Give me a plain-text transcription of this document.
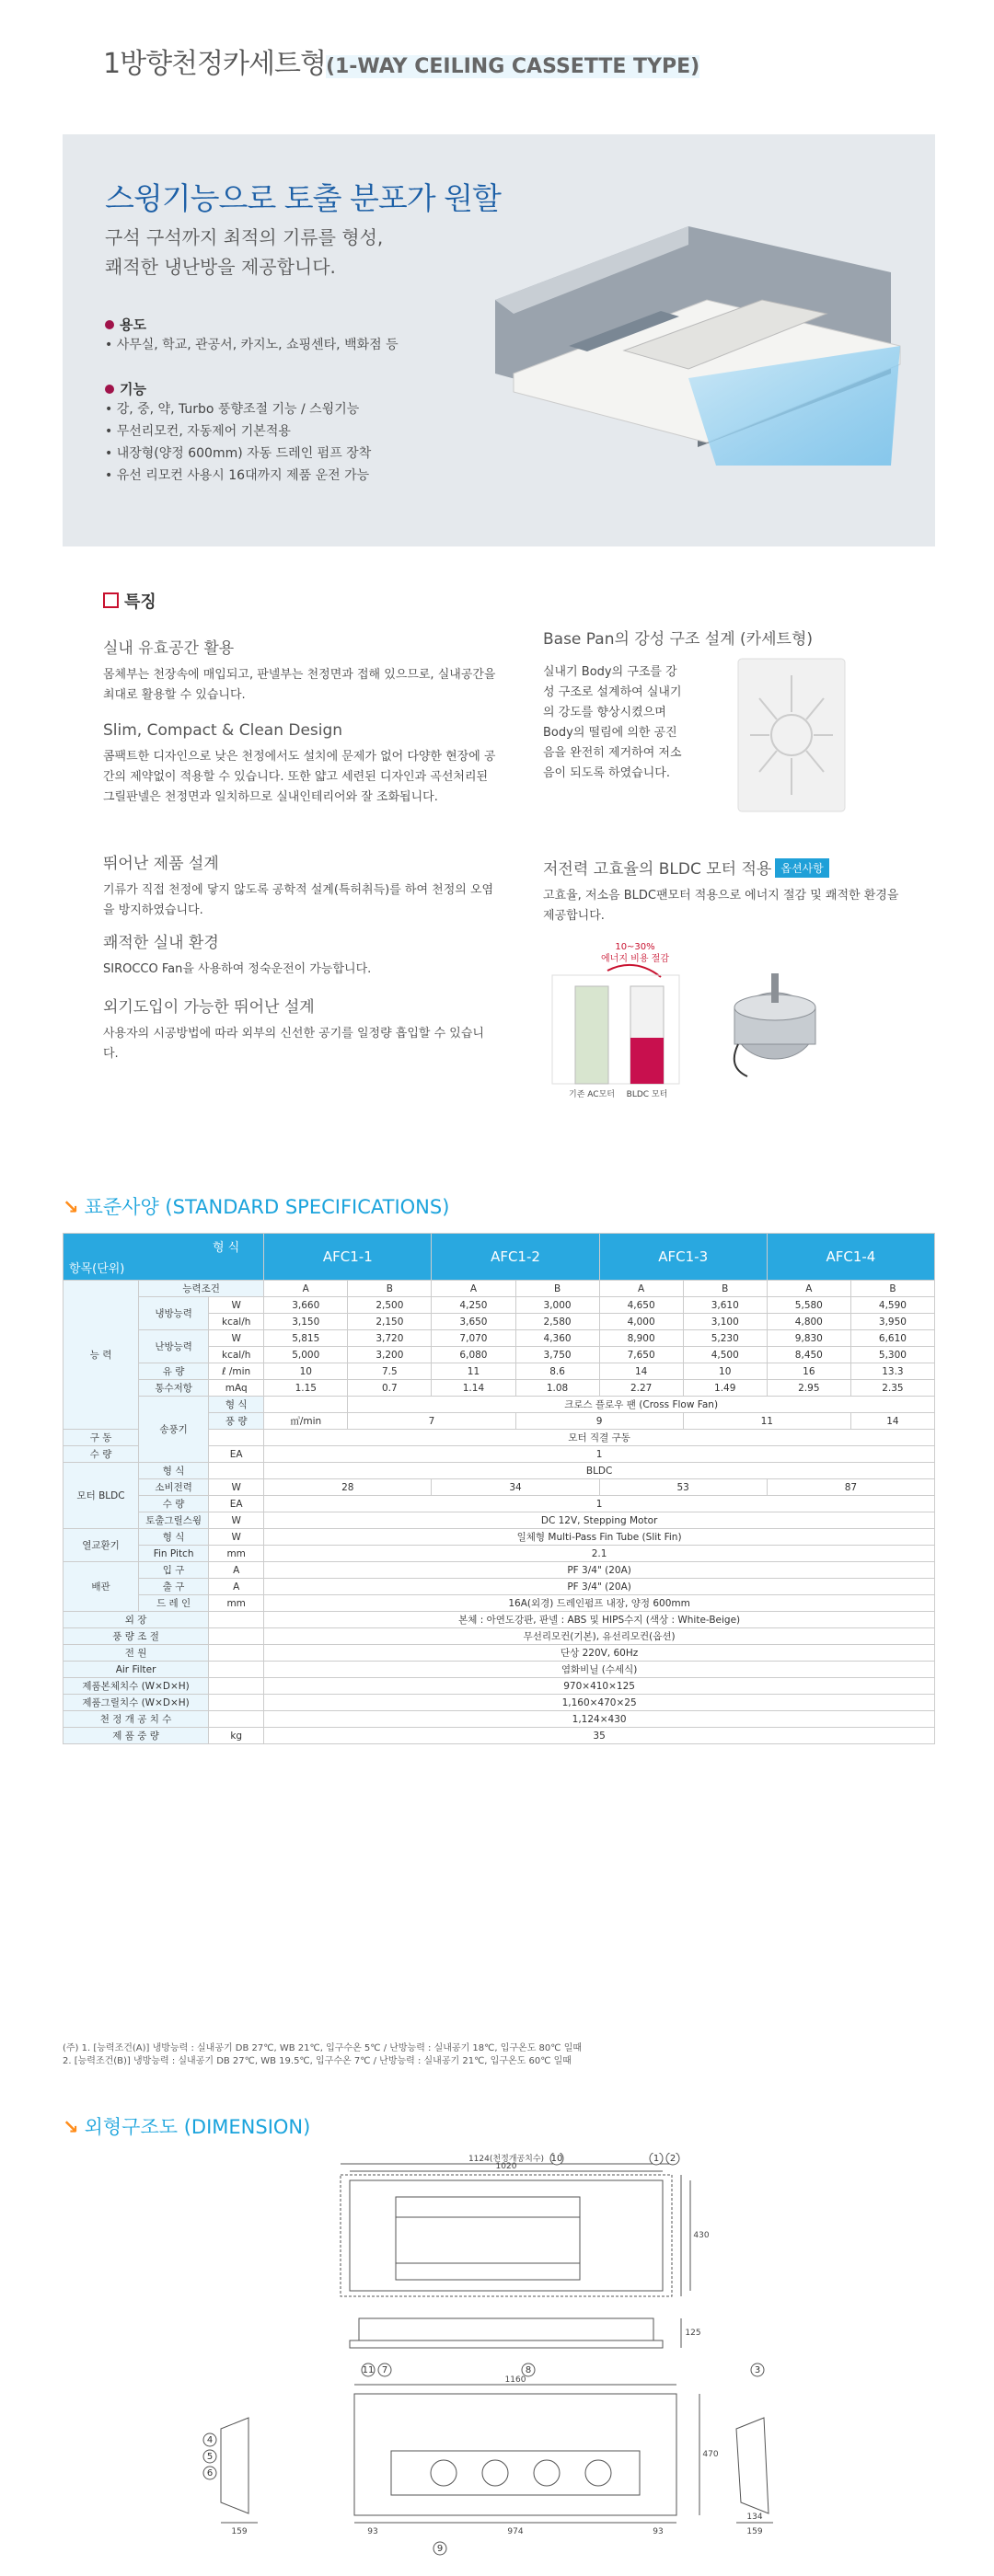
1방향천정카세트형(1-WAY CEILING CASSETTE TYPE)
스윙기능으로 토출 분포가 원할
구석 구석까지 최적의 기류를 형성,
쾌적한 냉난방을 제공합니다.
용도
• 사무실, 학교, 관공서, 카지노, 쇼핑센타, 백화점 등
기능
• 강, 중, 약, Turbo 풍향조절 기능 / 스윙기능
• 무선리모컨, 자동제어 기본적용
• 내장형(양정 600mm) 자동 드레인 펌프 장착
• 유선 리모컨 사용시 16대까지 제품 운전 가능
특징
실내 유효공간 활용
몸체부는 천장속에 매입되고, 판넬부는 천정면과 접해 있으므로, 실내공간을 최대로 활용할 수 있습니다.
Slim, Compact & Clean Design
콤팩트한 디자인으로 낮은 천정에서도 설치에 문제가 없어 다양한 현장에 공간의 제약없이 적용할 수 있습니다. 또한 얇고 세련된 디자인과 곡선처리된 그릴판넬은 천정면과 일치하므로 실내인테리어와 잘 조화됩니다.
뛰어난 제품 설계
기류가 직접 천정에 닿지 않도록 공학적 설계(특허취득)를 하여 천정의 오염을 방지하였습니다.
쾌적한 실내 환경
SIROCCO Fan을 사용하여 정숙운전이 가능합니다.
외기도입이 가능한 뛰어난 설계
사용자의 시공방법에 따라 외부의 신선한 공기를 일정량 흡입할 수 있습니다.
Base Pan의 강성 구조 설계 (카세트형)
실내기 Body의 구조를 강성 구조로 설계하여 실내기의 강도를 향상시켰으며 Body의 떨림에 의한 공진음을 완전히 제거하여 저소음이 되도록 하였습니다.
저전력 고효율의 BLDC 모터 적용 옵션사항
고효율, 저소음 BLDC팬모터 적용으로 에너지 절감 및 쾌적한 환경을 제공합니다.
10~30%
에너지 비용 절감
기존 AC모터 BLDC 모터
↘ 표준사양 (STANDARD SPECIFICATIONS)
형 식
항목(단위)			AFC1-1		AFC1-2		AFC1-3		AFC1-4	
능 력	능력조건		A	B	A	B	A	B	A	B
	냉방능력	W	3,660	2,500	4,250	3,000	4,650	3,610	5,580	4,590
		kcal/h	3,150	2,150	3,650	2,580	4,000	3,100	4,800	3,950
	난방능력	W	5,815	3,720	7,070	4,360	8,900	5,230	9,830	6,610
		kcal/h	5,000	3,200	6,080	3,750	7,650	4,500	8,450	5,300
	유 량	ℓ /min	10	7.5	11	8.6	14	10	16	13.3
	통수저항	mAq	1.15	0.7	1.14	1.08	2.27	1.49	2.95	2.35
	송풍기	형 식		크로스 플로우 팬 (Cross Flow Fan)						
		풍 량	㎥/min	7		9		11		14
구 동			모터 직결 구동							
수 량		EA	1							
모터 BLDC	형 식		BLDC							
	소비전력	W	28		34		53		87	
	수 량	EA	1							
	토출그릴스윙	W	DC 12V, Stepping Motor							
열교환기	형 식	W	일체형 Multi-Pass Fin Tube (Slit Fin)							
	Fin Pitch	mm	2.1							
배관	입 구	A	PF 3/4" (20A)							
	출 구	A	PF 3/4" (20A)							
	드 레 인	mm	16A(외경) 드레인펌프 내장, 양정 600mm							
외 장			본체 : 아연도강판, 판넬 : ABS 및 HIPS수지 (색상 : White-Beige)							
풍 량 조 절			무선리모컨(기본), 유선리모컨(옵션)							
전 원			단상 220V, 60Hz							
Air Filter			염화비닐 (수세식)							
제품본체치수 (W×D×H)			970×410×125							
제품그릴치수 (W×D×H)			1,160×470×25							
천 정 개 공 치 수			1,124×430							
제 품 중 량		kg	35							
(주) 1. [능력조건(A)] 냉방능력 : 실내공기 DB 27℃, WB 21℃, 입구수온 5℃ / 난방능력 : 실내공기 18℃, 입구온도 80℃ 일때
2. [능력조건(B)] 냉방능력 : 실내공기 DB 27℃, WB 19.5℃, 입구수온 7℃ / 난방능력 : 실내공기 21℃, 입구온도 60℃ 일때
↘ 외형구조도 (DIMENSION)
1124(천정개공치수)
1020
1160
974
93	93
159	159
134
470
430
125
10	1 2
11 7	8	3
4
5
6
9
